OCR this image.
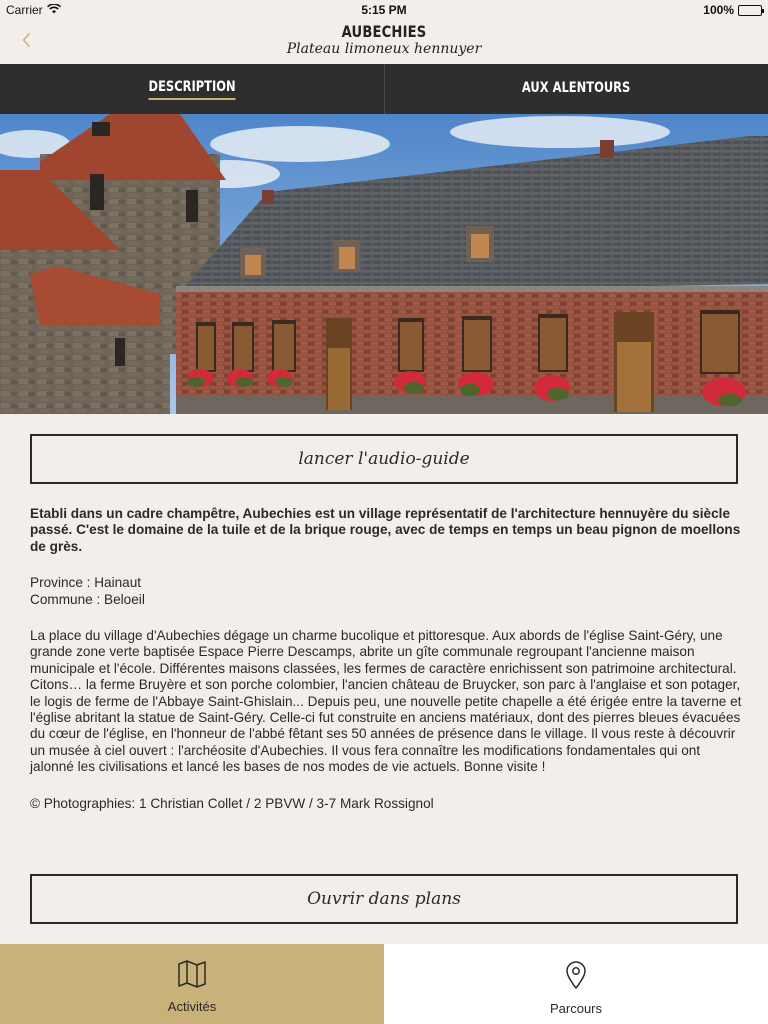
Carrier	5:15 PM	100%
AUBECHIES
Plateau limoneux hennuyer
DESCRIPTION	AUX ALENTOURS
lancer l'audio-guide

Etabli dans un cadre champêtre, Aubechies est un village représentatif de l'architecture hennuyère du siècle passé. C'est le domaine de la tuile et de la brique rouge, avec de temps en temps un beau pignon de moellons de grès.

Province : Hainaut

Commune : Beloeil

La place du village d'Aubechies dégage un charme bucolique et pittoresque. Aux abords de l'église Saint-Géry, une grande zone verte baptisée Espace Pierre Descamps, abrite un gîte communale regroupant l'ancienne maison municipale et l'école. Différentes maisons classées, les fermes de caractère enrichissent son patrimoine architectural. Citons… la ferme Bruyère et son porche colombier, l'ancien château de Bruycker, son parc à l'anglaise et son potager, le logis de ferme de l'Abbaye Saint-Ghislain... Depuis peu, une nouvelle petite chapelle a été érigée entre la taverne et l'église abritant la statue de Saint-Géry. Celle-ci fut construite en anciens matériaux, dont des pierres bleues évacuées du cœur de l'église, en l'honneur de l'abbé fêtant ses 50 années de présence dans le village. Il vous reste à découvrir un musée à ciel ouvert : l'archéosite d'Aubechies. Il vous fera connaître les modifications fondamentales qui ont jalonné les civilisations et lancé les bases de nos modes de vie actuels. Bonne visite !

© Photographies: 1 Christian Collet / 2 PBVW / 3-7 Mark Rossignol

Ouvrir dans plans
Activités	Parcours
